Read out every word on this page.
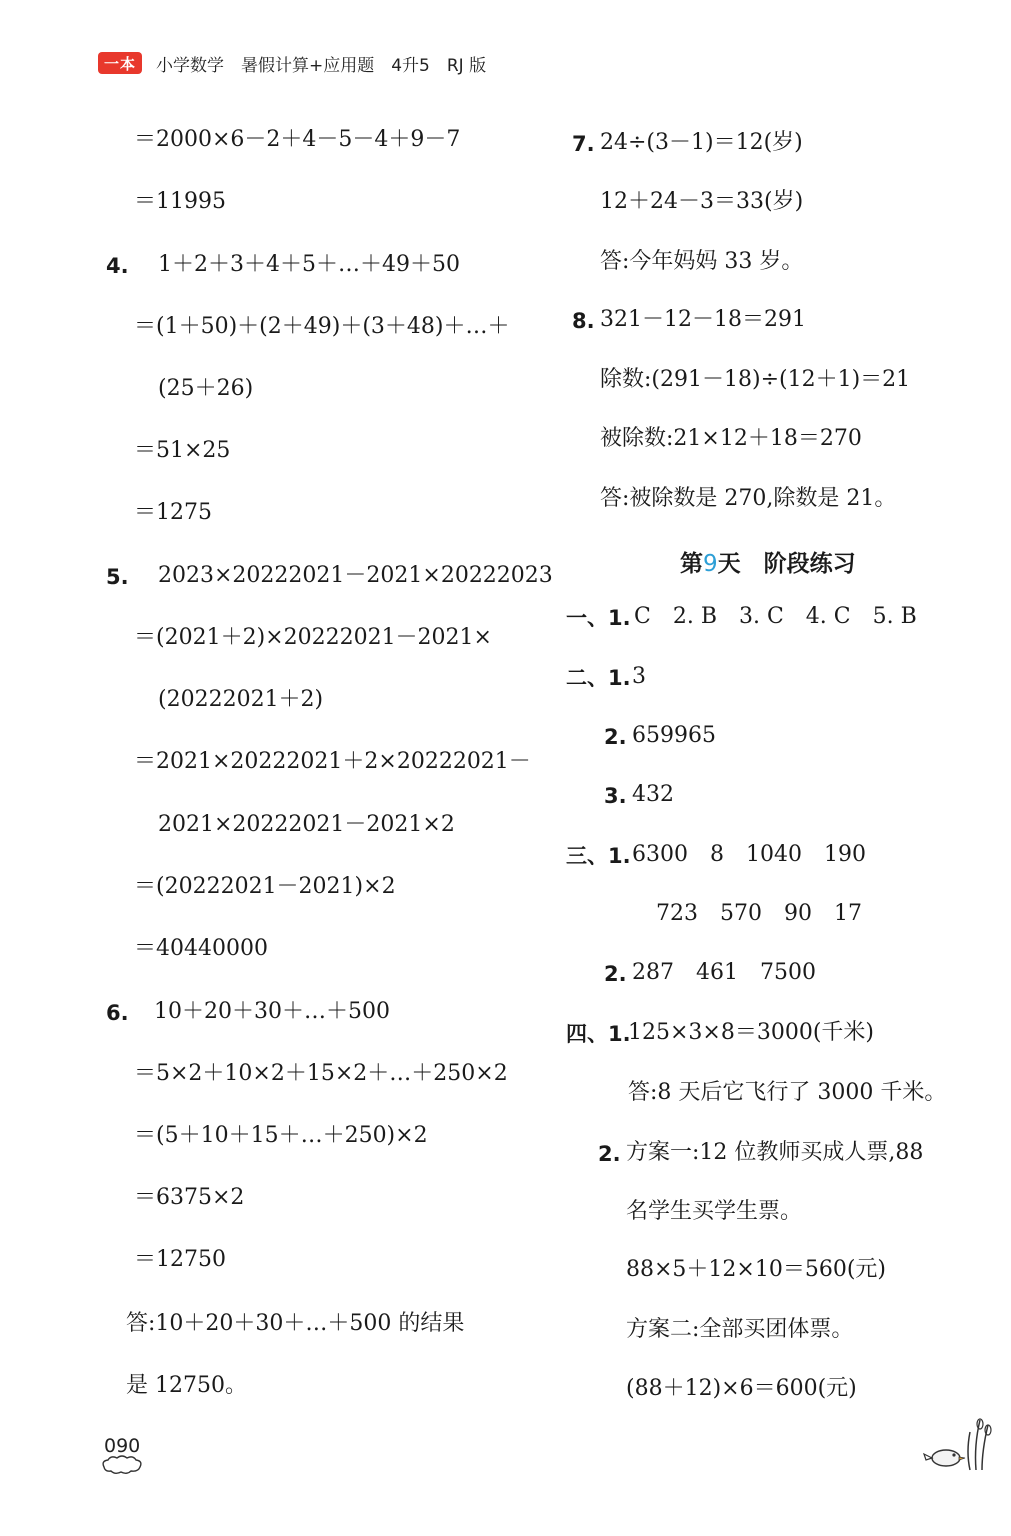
一本	小学数学　暑假计算+应用题　4升5　RJ 版
＝2000×6－2＋4－5－4＋9－7
＝11995
4. 1＋2＋3＋4＋5＋…＋49＋50
＝(1＋50)＋(2＋49)＋(3＋48)＋…＋
(25＋26)
＝51×25
＝1275
5. 2023×20222021－2021×20222023
＝(2021＋2)×20222021－2021×
(20222021＋2)
＝2021×20222021＋2×20222021－
2021×20222021－2021×2
＝(20222021－2021)×2
＝40440000
6. 10＋20＋30＋…＋500
＝5×2＋10×2＋15×2＋…＋250×2
＝(5＋10＋15＋…＋250)×2
＝6375×2
＝12750
答:10＋20＋30＋…＋500 的结果
是 12750。
7. 24÷(3－1)＝12(岁)
12＋24－3＝33(岁)
答:今年妈妈 33 岁。
8. 321－12－18＝291
除数:(291－18)÷(12＋1)＝21
被除数:21×12＋18＝270
答:被除数是 270,除数是 21。
第9天　阶段练习
一、1. C　2. B　3. C　4. C　5. B
二、1. 3
2. 659965
3. 432
三、1. 6300　8　1040　190
723　570　90　17
2. 287　461　7500
四、1.
125×3×8＝3000(千米)
答:8 天后它飞行了 3000 千米。
2. 方案一:12 位教师买成人票,88
名学生买学生票。
88×5＋12×10＝560(元)
方案二:全部买团体票。
(88＋12)×6＝600(元)
090
